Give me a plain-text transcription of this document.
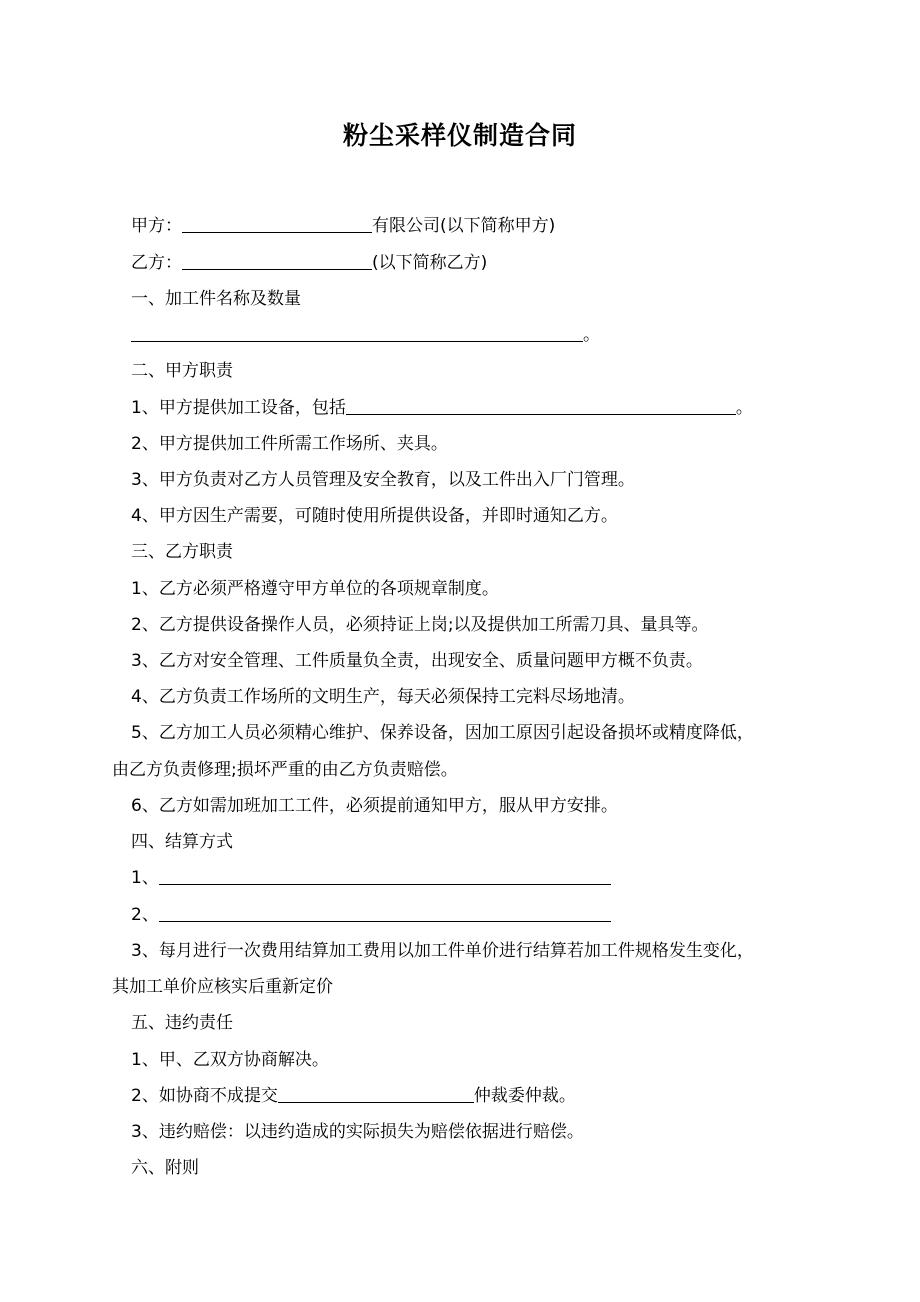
粉尘采样仪制造合同
甲方：	有限公司(以下简称甲方)
乙方：	(以下简称乙方)
一、加工件名称及数量
。
二、甲方职责
1、甲方提供加工设备，包括	。
2、甲方提供加工件所需工作场所、夹具。
3、甲方负责对乙方人员管理及安全教育，以及工件出入厂门管理。
4、甲方因生产需要，可随时使用所提供设备，并即时通知乙方。
三、乙方职责
1、乙方必须严格遵守甲方单位的各项规章制度。
2、乙方提供设备操作人员，必须持证上岗;以及提供加工所需刀具、量具等。
3、乙方对安全管理、工件质量负全责，出现安全、质量问题甲方概不负责。
4、乙方负责工作场所的文明生产，每天必须保持工完料尽场地清。
5、乙方加工人员必须精心维护、保养设备，因加工原因引起设备损坏或精度降低，
由乙方负责修理;损坏严重的由乙方负责赔偿。
6、乙方如需加班加工工件，必须提前通知甲方，服从甲方安排。
四、结算方式
1、
2、
3、每月进行一次费用结算加工费用以加工件单价进行结算若加工件规格发生变化，
其加工单价应核实后重新定价
五、违约责任
1、甲、乙双方协商解决。
2、如协商不成提交	仲裁委仲裁。
3、违约赔偿：以违约造成的实际损失为赔偿依据进行赔偿。
六、附则
